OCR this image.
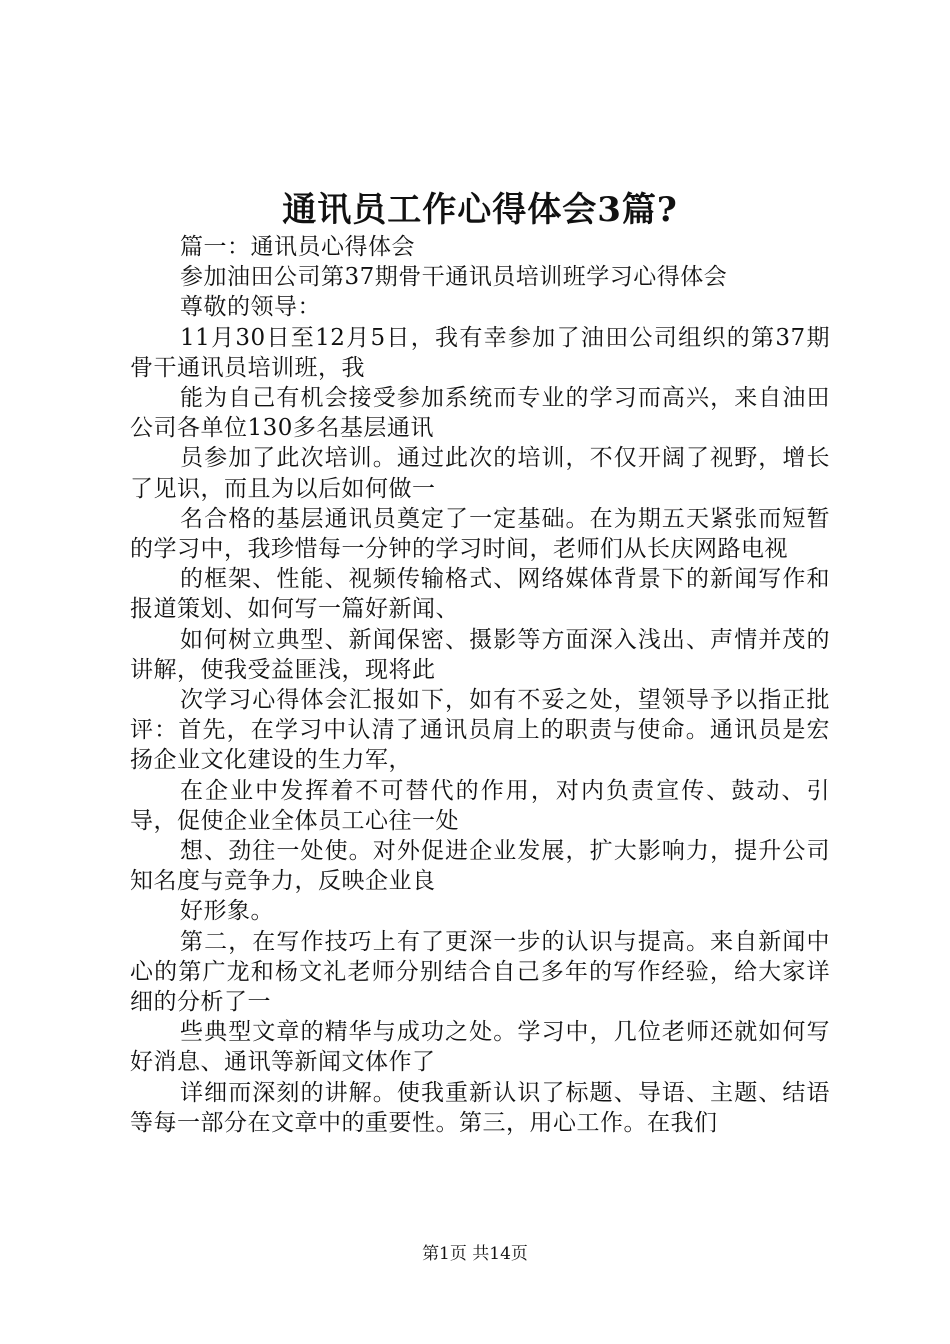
通讯员工作心得体会3篇?

篇一：通讯员心得体会

参加油田公司第37期骨干通讯员培训班学习心得体会

尊敬的领导：

11月30日至12月5日，我有幸参加了油田公司组织的第37期骨干通讯员培训班，我

能为自己有机会接受参加系统而专业的学习而高兴，来自油田公司各单位130多名基层通讯

员参加了此次培训。通过此次的培训，不仅开阔了视野，增长了见识，而且为以后如何做一

名合格的基层通讯员奠定了一定基础。在为期五天紧张而短暂的学习中，我珍惜每一分钟的学习时间，老师们从长庆网路电视

的框架、性能、视频传输格式、网络媒体背景下的新闻写作和报道策划、如何写一篇好新闻、

如何树立典型、新闻保密、摄影等方面深入浅出、声情并茂的讲解，使我受益匪浅，现将此

次学习心得体会汇报如下，如有不妥之处，望领导予以指正批评：首先，在学习中认清了通讯员肩上的职责与使命。通讯员是宏扬企业文化建设的生力军，

在企业中发挥着不可替代的作用，对内负责宣传、鼓动、引导，促使企业全体员工心往一处

想、劲往一处使。对外促进企业发展，扩大影响力，提升公司知名度与竞争力，反映企业良

好形象。

第二，在写作技巧上有了更深一步的认识与提高。来自新闻中心的第广龙和杨文礼老师分别结合自己多年的写作经验，给大家详细的分析了一

些典型文章的精华与成功之处。学习中，几位老师还就如何写好消息、通讯等新闻文体作了

详细而深刻的讲解。使我重新认识了标题、导语、主题、结语等每一部分在文章中的重要性。第三，用心工作。在我们

第1页 共14页
